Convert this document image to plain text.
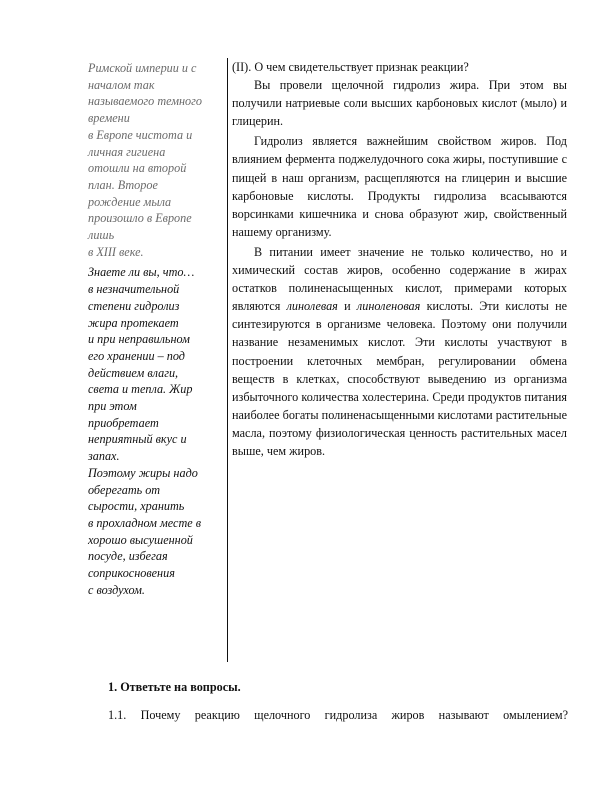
Римской империи и с
началом так
называемого темного
времени
в Европе чистота и
личная гигиена
отошли на второй
план. Второе
рождение мыла
произошло в Европе
лишь
в XIII веке.
Знаете ли вы, что…
в незначительной
степени гидролиз
жира протекает
и при неправильном
его хранении – под
действием влаги,
света и тепла. Жир
при этом
приобретает
неприятный вкус и
запах.
Поэтому жиры надо
оберегать от
сырости, хранить
в прохладном месте в
хорошо высушенной
посуде, избегая
соприкосновения
с воздухом.

(II). О чем свидетельствует признак реакции?

Вы провели щелочной гидролиз жира. При этом вы получили натриевые соли высших карбоновых кислот (мыло) и глицерин.

Гидролиз является важнейшим свойством жиров. Под влиянием фермента поджелудочного сока жиры, поступившие с пищей в наш организм, расщепляются на глицерин и высшие карбоновые кислоты. Продукты гидролиза всасываются ворсинками кишечника и снова образуют жир, свойственный нашему организму.

В питании имеет значение не только количество, но и химический состав жиров, особенно содержание в жирах остатков полиненасыщенных кислот, примерами которых являются линолевая и линоленовая кислоты. Эти кислоты не синтезируются в организме человека. Поэтому они получили название незаменимых кислот. Эти кислоты участвуют в построении клеточных мембран, регулировании обмена веществ в клетках, способствуют выведению из организма избыточного количества холестерина. Среди продуктов питания наиболее богаты полиненасыщенными кислотами растительные масла, поэтому физиологическая ценность растительных масел выше, чем жиров.

1. Ответьте на вопросы.

1.1. Почему реакцию щелочного гидролиза жиров называют омылением?
